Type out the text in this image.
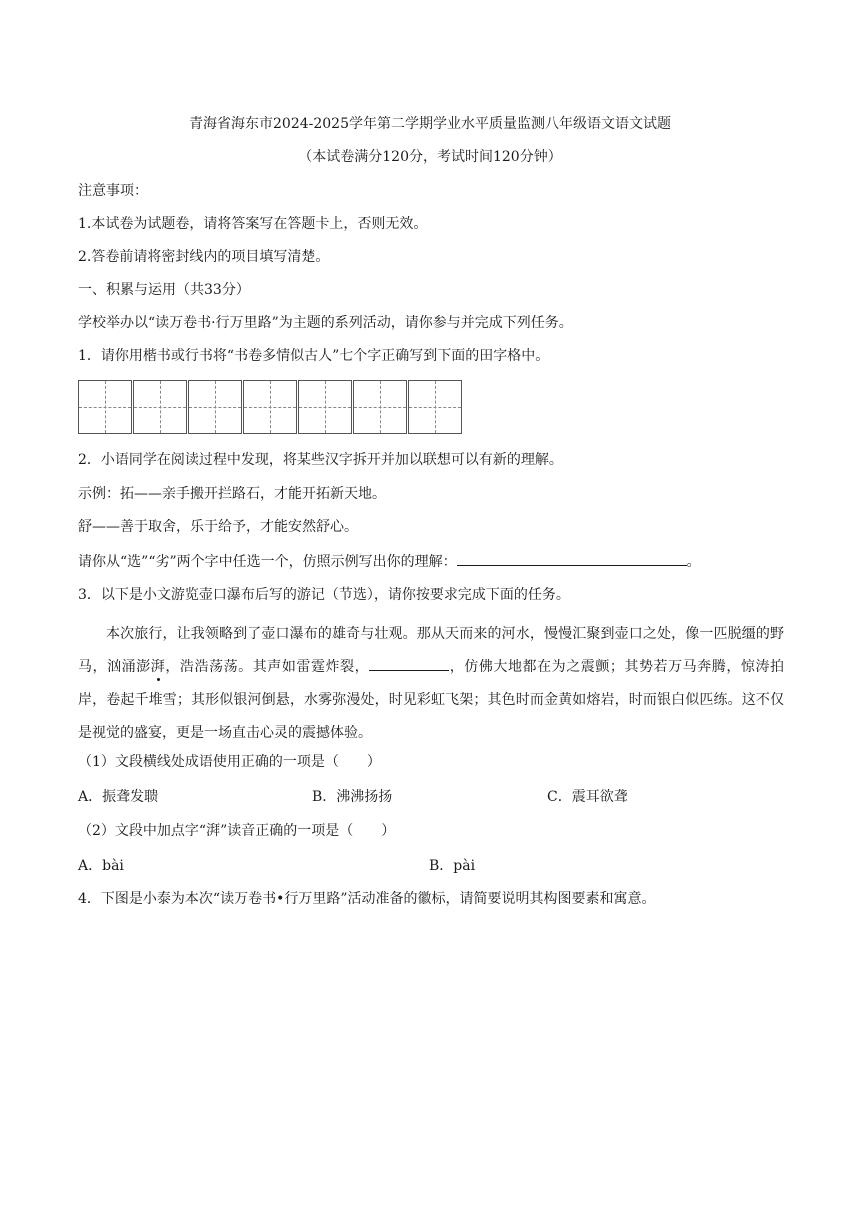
青海省海东市2024-2025学年第二学期学业水平质量监测八年级语文语文试题
（本试卷满分120分，考试时间120分钟）
注意事项：
1.本试卷为试题卷，请将答案写在答题卡上，否则无效。
2.答卷前请将密封线内的项目填写清楚。
一、积累与运用（共33分）
学校举办以“读万卷书·行万里路”为主题的系列活动，请你参与并完成下列任务。
1．请你用楷书或行书将“书卷多情似古人”七个字正确写到下面的田字格中。
2．小语同学在阅读过程中发现，将某些汉字拆开并加以联想可以有新的理解。
示例：拓——亲手搬开拦路石，才能开拓新天地。
舒——善于取舍，乐于给予，才能安然舒心。
请你从“选”“劣”两个字中任选一个，仿照示例写出你的理解：	。
3．以下是小文游览壶口瀑布后写的游记（节选），请你按要求完成下面的任务。
本次旅行，让我领略到了壶口瀑布的雄奇与壮观。那从天而来的河水，慢慢汇聚到壶口之处，像一匹脱缰的野马，汹涌澎湃，浩浩荡荡。其声如雷霆炸裂，	，仿佛大地都在为之震颤；其势若万马奔腾，惊涛拍岸，卷起千堆雪；其形似银河倒悬，水雾弥漫处，时见彩虹飞架；其色时而金黄如熔岩，时而银白似匹练。这不仅是视觉的盛宴，更是一场直击心灵的震撼体验。
（1）文段横线处成语使用正确的一项是（　　）
A．振聋发聩	B．沸沸扬扬	C．震耳欲聋
（2）文段中加点字“湃”读音正确的一项是（　　）
A．bài	B．pài
4．下图是小泰为本次“读万卷书•行万里路”活动准备的徽标，请简要说明其构图要素和寓意。
